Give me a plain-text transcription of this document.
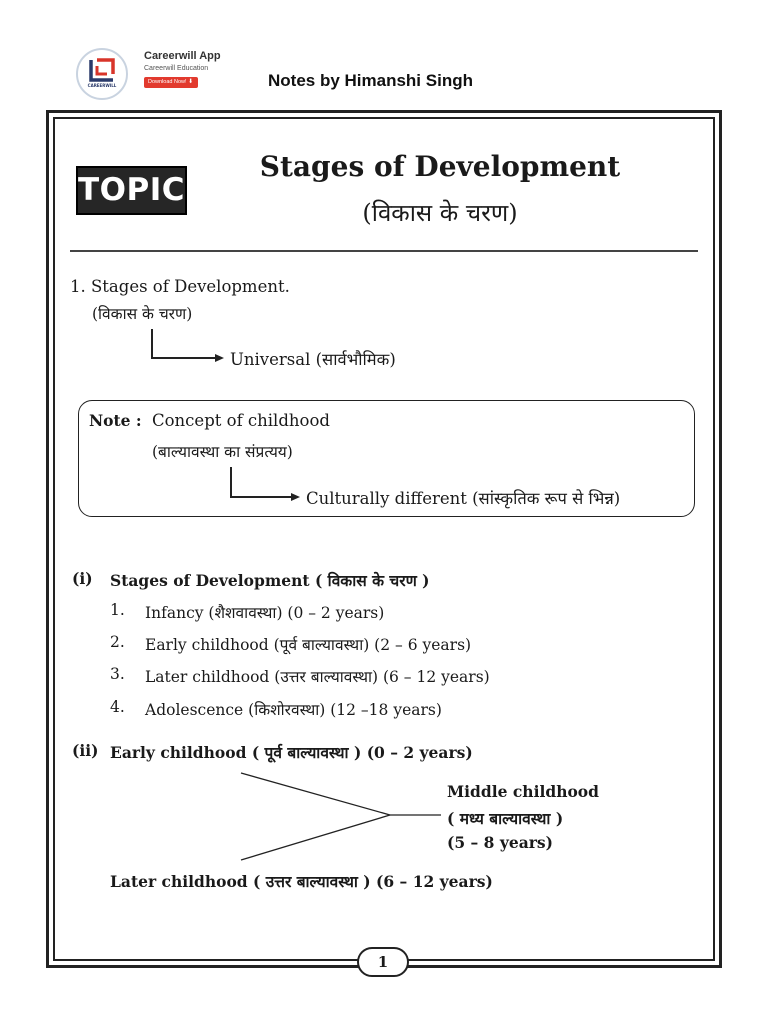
CAREERWILL
Careerwill App
Careerwill Education
Download Now! ⬇	Notes by Himanshi Singh
TOPIC
Stages of Development
(विकास के चरण)
1. Stages of Development.
(विकास के चरण)
Universal (सार्वभौमिक)
Note : Concept of childhood
(बाल्यावस्था का संप्रत्यय)
Culturally different (सांस्कृतिक रूप से भिन्न)
(i) Stages of Development ( विकास के चरण )
1. Infancy (शैशवावस्था) (0 – 2 years)
2. Early childhood (पूर्व बाल्यावस्था) (2 – 6 years)
3. Later childhood (उत्तर बाल्यावस्था) (6 – 12 years)
4. Adolescence (किशोरवस्था) (12 –18 years)
(ii) Early childhood ( पूर्व बाल्यावस्था ) (0 – 2 years)
Middle childhood
( मध्य बाल्यावस्था )
(5 – 8 years)
Later childhood ( उत्तर बाल्यावस्था ) (6 – 12 years)
1
